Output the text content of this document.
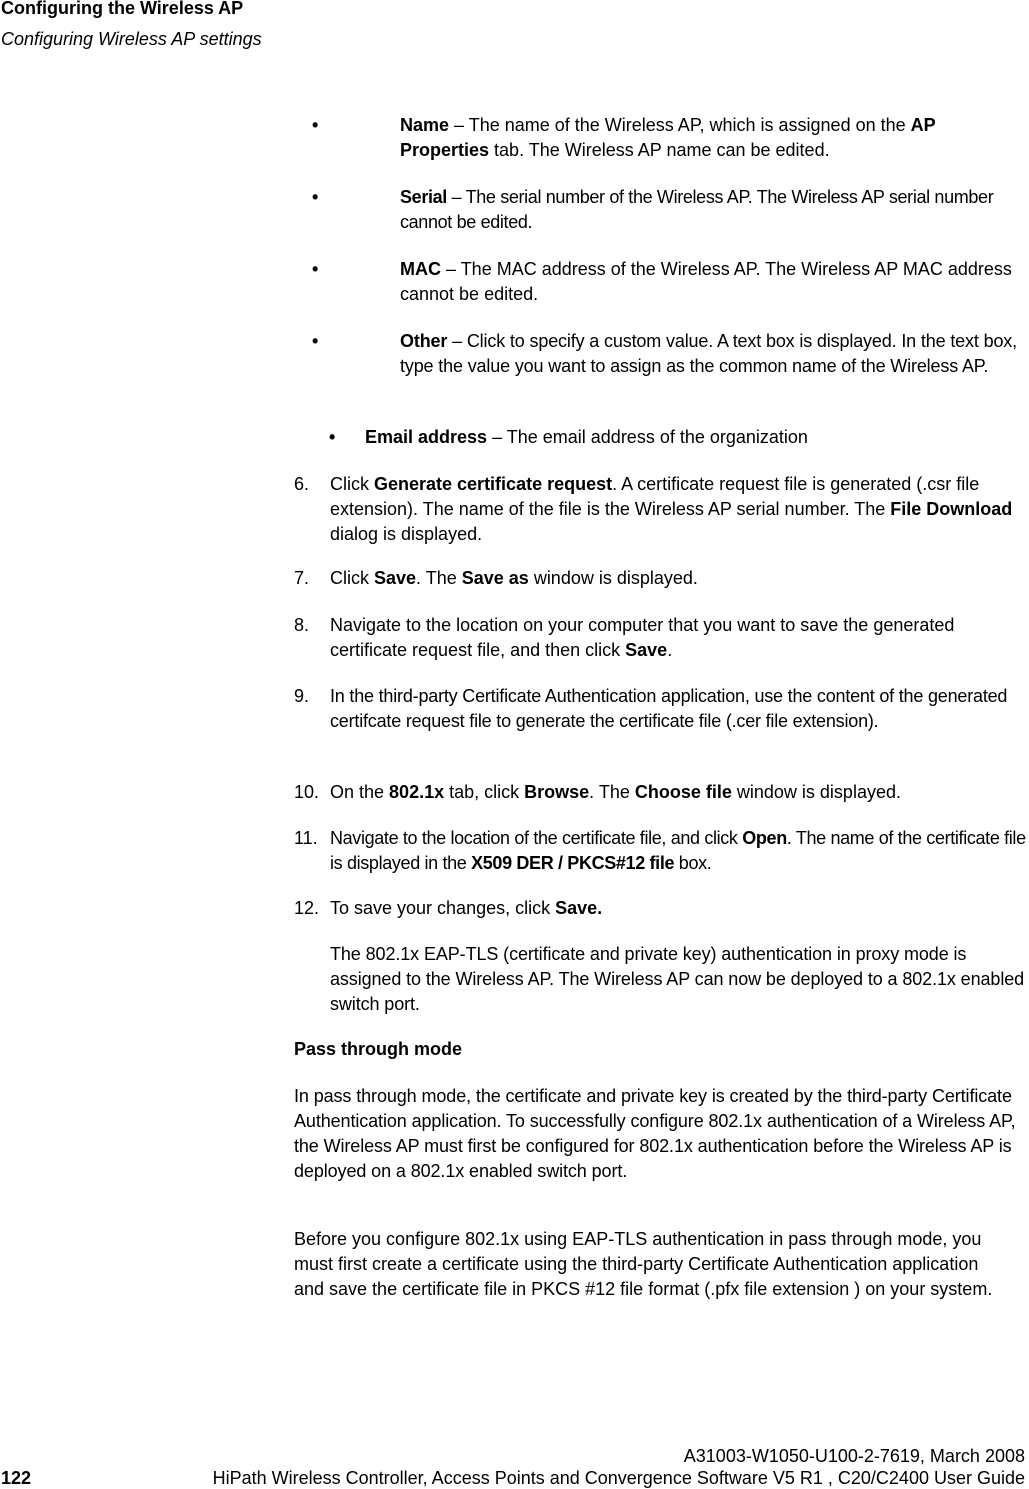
Configuring the Wireless AP
Configuring Wireless AP settings
•	Name – The name of the Wireless AP, which is assigned on the AP Properties tab. The Wireless AP name can be edited.

•	Serial – The serial number of the Wireless AP. The Wireless AP serial number cannot be edited.

•	MAC – The MAC address of the Wireless AP. The Wireless AP MAC address cannot be edited.

•	Other – Click to specify a custom value. A text box is displayed. In the text box, type the value you want to assign as the common name of the Wireless AP.

• Email address – The email address of the organization

6. Click Generate certificate request. A certificate request file is generated (.csr file extension). The name of the file is the Wireless AP serial number. The File Download dialog is displayed.

7. Click Save. The Save as window is displayed.

8. Navigate to the location on your computer that you want to save the generated certificate request file, and then click Save.

9. In the third-party Certificate Authentication application, use the content of the generated certifcate request file to generate the certificate file (.cer file extension).

10. On the 802.1x tab, click Browse. The Choose file window is displayed.

11. Navigate to the location of the certificate file, and click Open. The name of the certificate file is displayed in the X509 DER / PKCS#12 file box.

12. To save your changes, click Save.

The 802.1x EAP-TLS (certificate and private key) authentication in proxy mode is assigned to the Wireless AP. The Wireless AP can now be deployed to a 802.1x enabled switch port.

Pass through mode

In pass through mode, the certificate and private key is created by the third-party Certificate Authentication application. To successfully configure 802.1x authentication of a Wireless AP, the Wireless AP must first be configured for 802.1x authentication before the Wireless AP is deployed on a 802.1x enabled switch port.

Before you configure 802.1x using EAP-TLS authentication in pass through mode, you must first create a certificate using the third-party Certificate Authentication application and save the certificate file in PKCS #12 file format (.pfx file extension ) on your system.

A31003-W1050-U100-2-7619, March 2008
122	HiPath Wireless Controller, Access Points and Convergence Software V5 R1 , C20/C2400 User Guide
